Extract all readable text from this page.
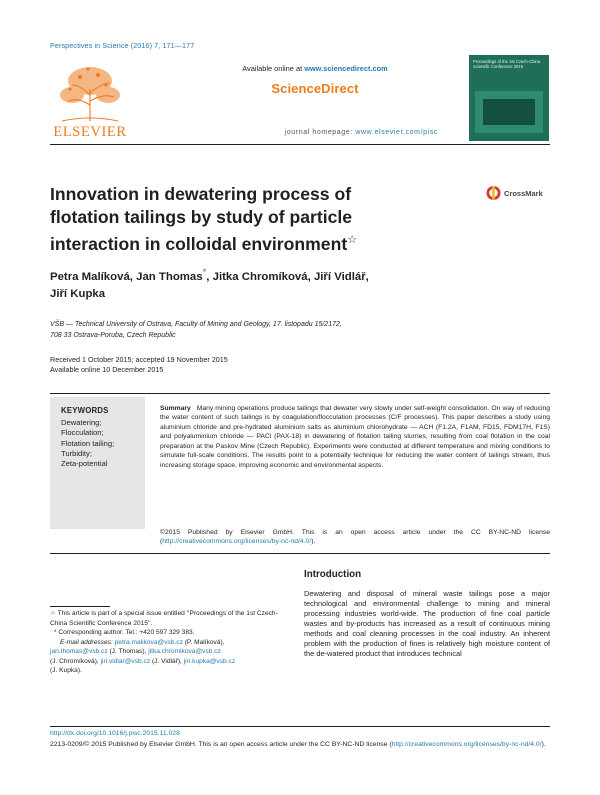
Perspectives in Science (2016) 7, 171—177
ELSEVIER
Available online at www.sciencedirect.com
ScienceDirect
journal homepage: www.elsevier.com/pisc
Proceedings of the 1st Czech-China Scientific Conference 2015
Innovation in dewatering process of flotation tailings by study of particle interaction in colloidal environment☆
CrossMark
Petra Malíková, Jan Thomas*, Jitka Chromíková, Jiří Vidlář,
Jiří Kupka
VŠB — Technical University of Ostrava, Faculty of Mining and Geology, 17. listopadu 15/2172,
708 33 Ostrava-Poruba, Czech Republic
Received 1 October 2015; accepted 19 November 2015
Available online 10 December 2015
KEYWORDS
Dewatering;
Flocculation;
Flotation tailing;
Turbidity;
Zeta-potential
Summary Many mining operations produce tailings that dewater very slowly under self-weight consolidation. On way of reducing the water content of such tailings is by coagulation/flocculation processes (C/F processes). This paper describes a study using aluminium chloride and pre-hydrated aluminium salts as aluminium chlorohydrate — ACH (F1.2A, F1AM, FD15, FDM17H, F1S) and polyaluminium chloride — PACl (PAX-18) in dewatering of flotation tailing slurries, resulting from coal flotation in the coal preparation at the Paskov Mine (Czech Republic). Experiments were conducted at different temperature and mixing conditions to simulate full-scale conditions. The results point to a potentially technique for reducing the water content of tailings stream, thus increasing storage space, improving economic and environmental aspects.
©2015 Published by Elsevier GmbH. This is an open access article under the CC BY-NC-ND license (http://creativecommons.org/licenses/by-nc-nd/4.0/).
Introduction
Dewatering and disposal of mineral waste tailings pose a major technological and environmental challenge to mining and mineral processing industries world-wide. The production of fine coal particle wastes and by-products has increased as a result of continuous mining methods and coal cleaning processes in the coal industry. An inherent problem with the production of fines is relatively high moisture content of the de-watered product that introduces technical

☆ This article is part of a special issue entitled ‘‘Proceedings of the 1st Czech-China Scientific Conference 2015’’.

* Corresponding author. Tel.: +420 597 329 383.

E-mail addresses: petra.malikova@vsb.cz (P. Malíková),

jan.thomas@vsb.cz (J. Thomas), jitka.chromikova@vsb.cz

(J. Chromíková), jiri.vidlar@vsb.cz (J. Vidlář), jiri.kupka@vsb.cz

(J. Kupka).

http://dx.doi.org/10.1016/j.pisc.2015.11.028
2213-0209/© 2015 Published by Elsevier GmbH. This is an open access article under the CC BY-NC-ND license (http://creativecommons.org/licenses/by-nc-nd/4.0/).
